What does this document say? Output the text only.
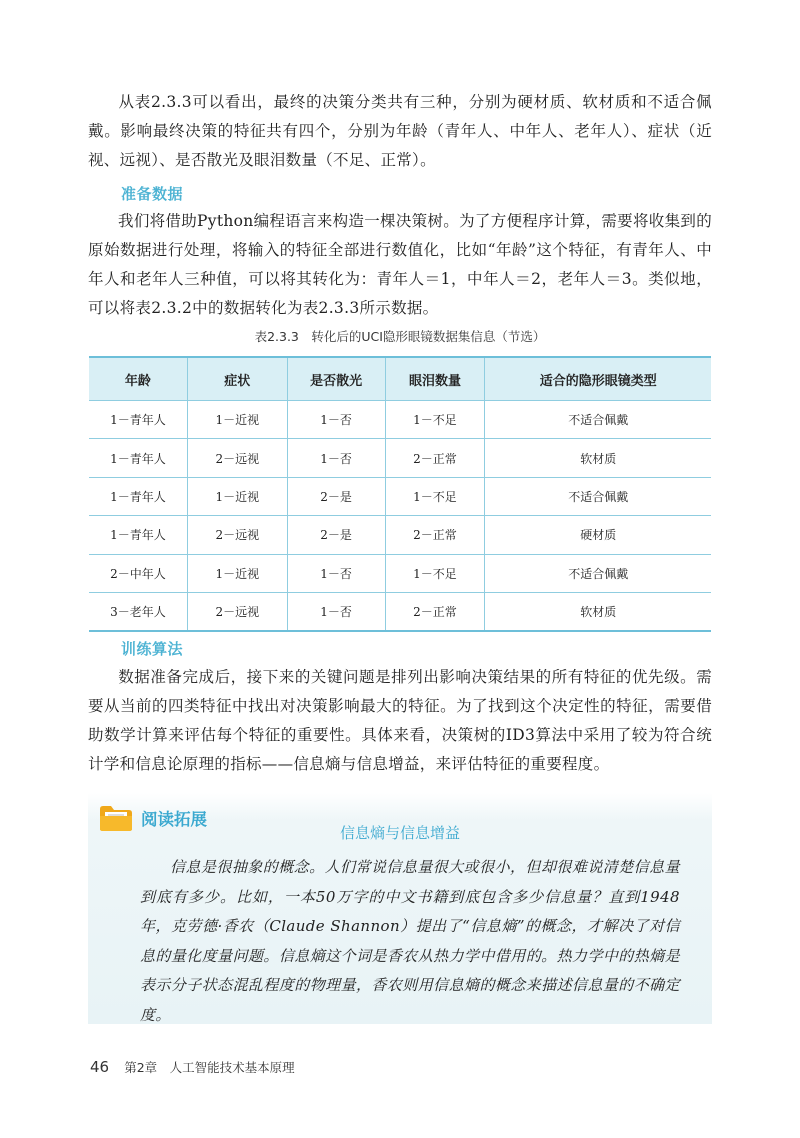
从表2.3.3可以看出，最终的决策分类共有三种，分别为硬材质、软材质和不适合佩戴。影响最终决策的特征共有四个，分别为年龄（青年人、中年人、老年人）、症状（近视、远视）、是否散光及眼泪数量（不足、正常）。

准备数据

我们将借助Python编程语言来构造一棵决策树。为了方便程序计算，需要将收集到的原始数据进行处理，将输入的特征全部进行数值化，比如“年龄”这个特征，有青年人、中年人和老年人三种值，可以将其转化为：青年人＝1，中年人＝2，老年人＝3。类似地，可以将表2.3.2中的数据转化为表2.3.3所示数据。

表2.3.3　转化后的UCI隐形眼镜数据集信息（节选）
年龄	症状	是否散光	眼泪数量	适合的隐形眼镜类型
1－青年人	1－近视	1－否	1－不足	不适合佩戴
1－青年人	2－远视	1－否	2－正常	软材质
1－青年人	1－近视	2－是	1－不足	不适合佩戴
1－青年人	2－远视	2－是	2－正常	硬材质
2－中年人	1－近视	1－否	1－不足	不适合佩戴
3－老年人	2－远视	1－否	2－正常	软材质
训练算法

数据准备完成后，接下来的关键问题是排列出影响决策结果的所有特征的优先级。需要从当前的四类特征中找出对决策影响最大的特征。为了找到这个决定性的特征，需要借助数学计算来评估每个特征的重要性。具体来看，决策树的ID3算法中采用了较为符合统计学和信息论原理的指标——信息熵与信息增益，来评估特征的重要程度。

阅读拓展
信息熵与信息增益

信息是很抽象的概念。人们常说信息量很大或很小，但却很难说清楚信息量到底有多少。比如，一本50万字的中文书籍到底包含多少信息量？直到1948年，克劳德·香农（Claude Shannon）提出了“信息熵”的概念，才解决了对信息的量化度量问题。信息熵这个词是香农从热力学中借用的。热力学中的热熵是表示分子状态混乱程度的物理量，香农则用信息熵的概念来描述信息量的不确定度。

46 第2章　人工智能技术基本原理
